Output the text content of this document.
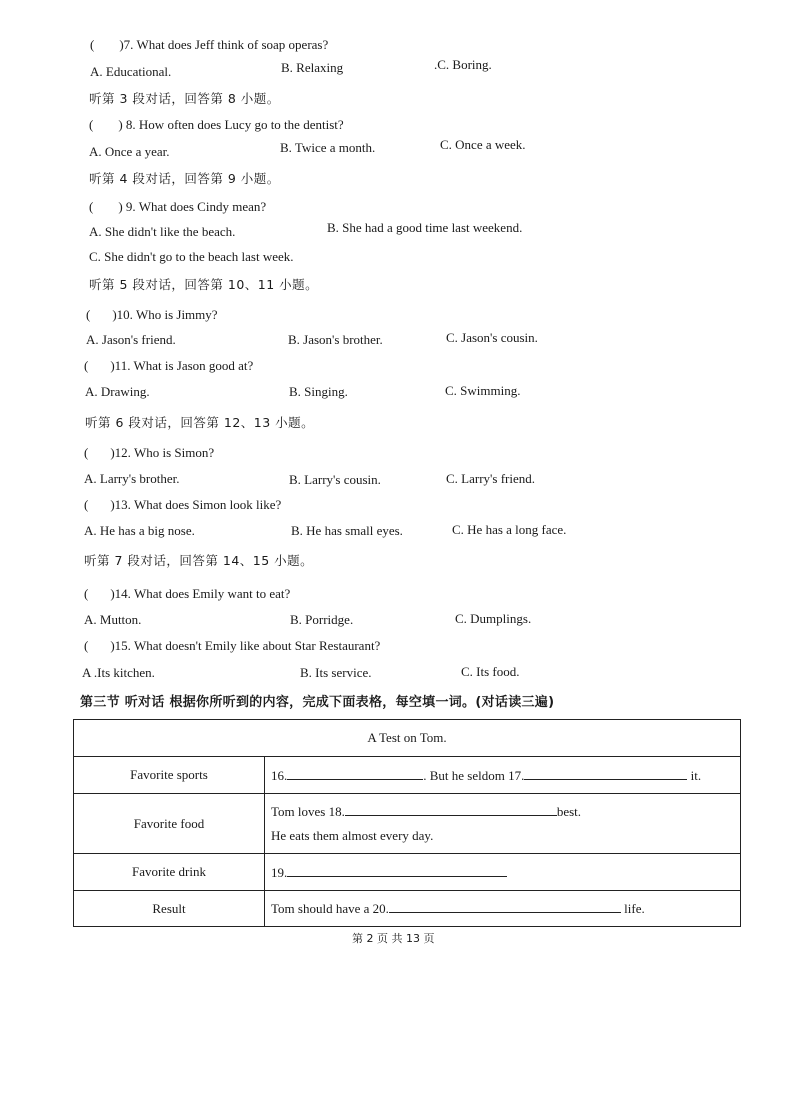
( )7. What does Jeff think of soap operas?
A. Educational.	B. Relaxing	.C. Boring.
听第 3 段对话，回答第 8 小题。
( ) 8. How often does Lucy go to the dentist?
A. Once a year.	B. Twice a month.	C. Once a week.
听第 4 段对话，回答第 9 小题。
( ) 9. What does Cindy mean?
A. She didn't like the beach.	B. She had a good time last weekend.
C. She didn't go to the beach last week.
听第 5 段对话，回答第 10、11 小题。
( )10. Who is Jimmy?
A. Jason's friend.	B. Jason's brother.	C. Jason's cousin.
( )11. What is Jason good at?
A. Drawing.	B. Singing.	C. Swimming.
听第 6 段对话，回答第 12、13 小题。
( )12. Who is Simon?
A. Larry's brother.	B. Larry's cousin.	C. Larry's friend.
( )13. What does Simon look like?
A. He has a big nose.	B. He has small eyes.	C. He has a long face.
听第 7 段对话，回答第 14、15 小题。
( )14. What does Emily want to eat?
A. Mutton.	B. Porridge.	C. Dumplings.
( )15. What doesn't Emily like about Star Restaurant?
A .Its kitchen.	B. Its service.	C. Its food.
第三节 听对话 根据你所听到的内容，完成下面表格，每空填一词。(对话读三遍)
A Test on Tom.	
Favorite sports	16. . But he seldom 17. it.
Favorite food	Tom loves 18. best.
He eats them almost every day.

Favorite drink	19.
Result	Tom should have a 20. life.
第 2 页 共 13 页
